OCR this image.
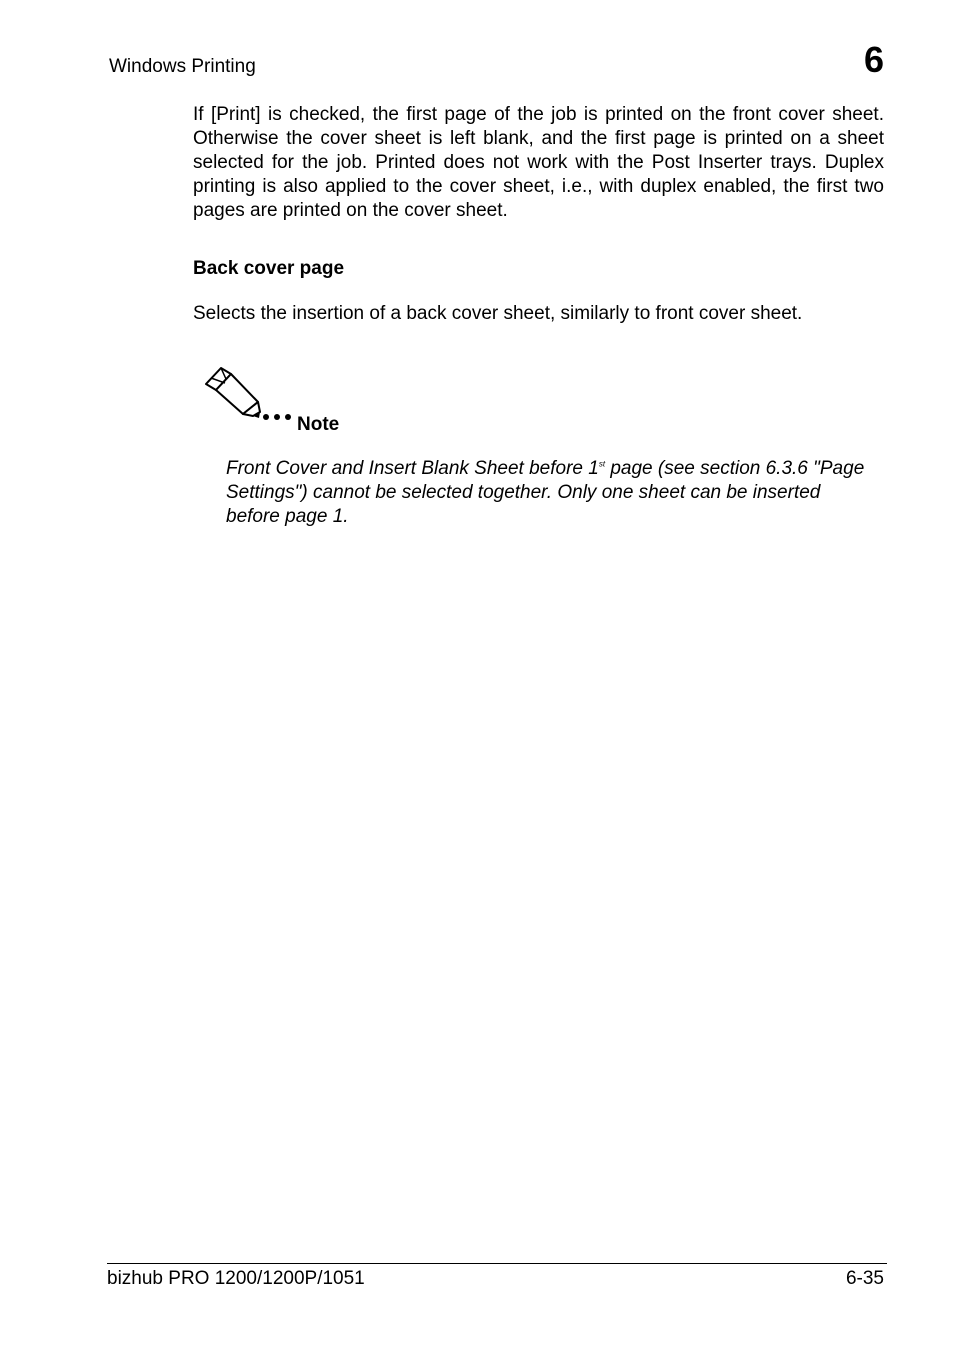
Windows Printing	6

If [Print] is checked, the first page of the job is printed on the front cover sheet. Otherwise the cover sheet is left blank, and the first page is printed on a sheet selected for the job. Printed does not work with the Post Inserter trays. Duplex printing is also applied to the cover sheet, i.e., with duplex enabled, the first two pages are printed on the cover sheet.

Back cover page

Selects the insertion of a back cover sheet, similarly to front cover sheet.

Note

Front Cover and Insert Blank Sheet before 1st page (see section 6.3.6 "Page Settings") cannot be selected together. Only one sheet can be inserted before page 1.

bizhub PRO 1200/1200P/1051	6-35
